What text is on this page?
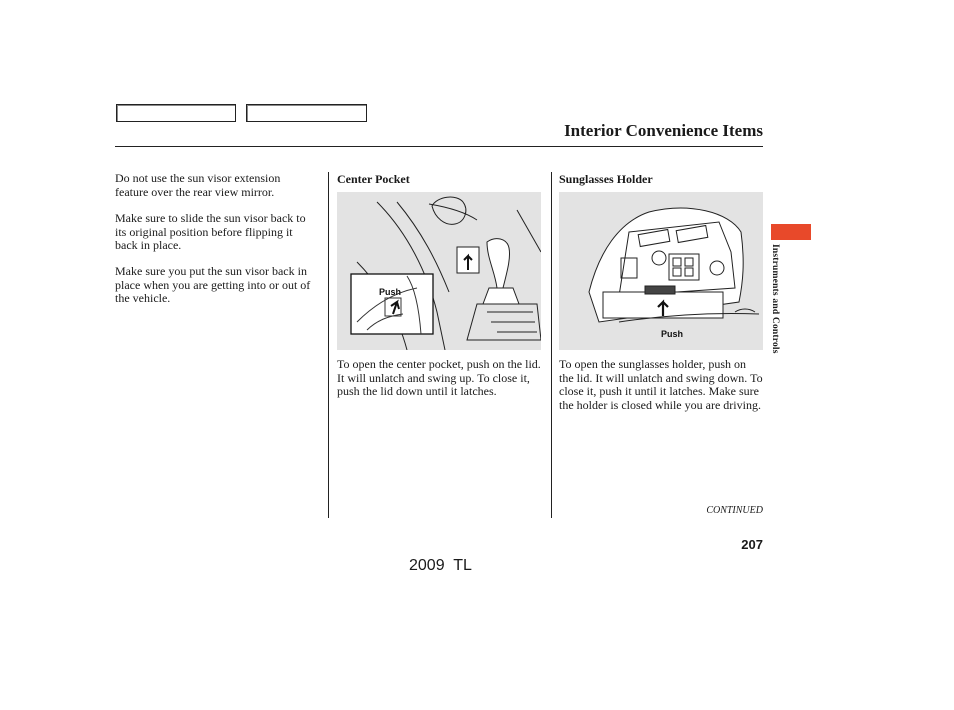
Interior Convenience Items
Do not use the sun visor extension feature over the rear view mirror.
Make sure to slide the sun visor back to its original position before flipping it back in place.
Make sure you put the sun visor back in place when you are getting into or out of the vehicle.
Center Pocket
Push
To open the center pocket, push on the lid. It will unlatch and swing up. To close it, push the lid down until it latches.
Sunglasses Holder
Push
To open the sunglasses holder, push on the lid. It will unlatch and swing down. To close it, push it until it latches. Make sure the holder is closed while you are driving.
Instruments and Controls
CONTINUED
207
2009  TL
